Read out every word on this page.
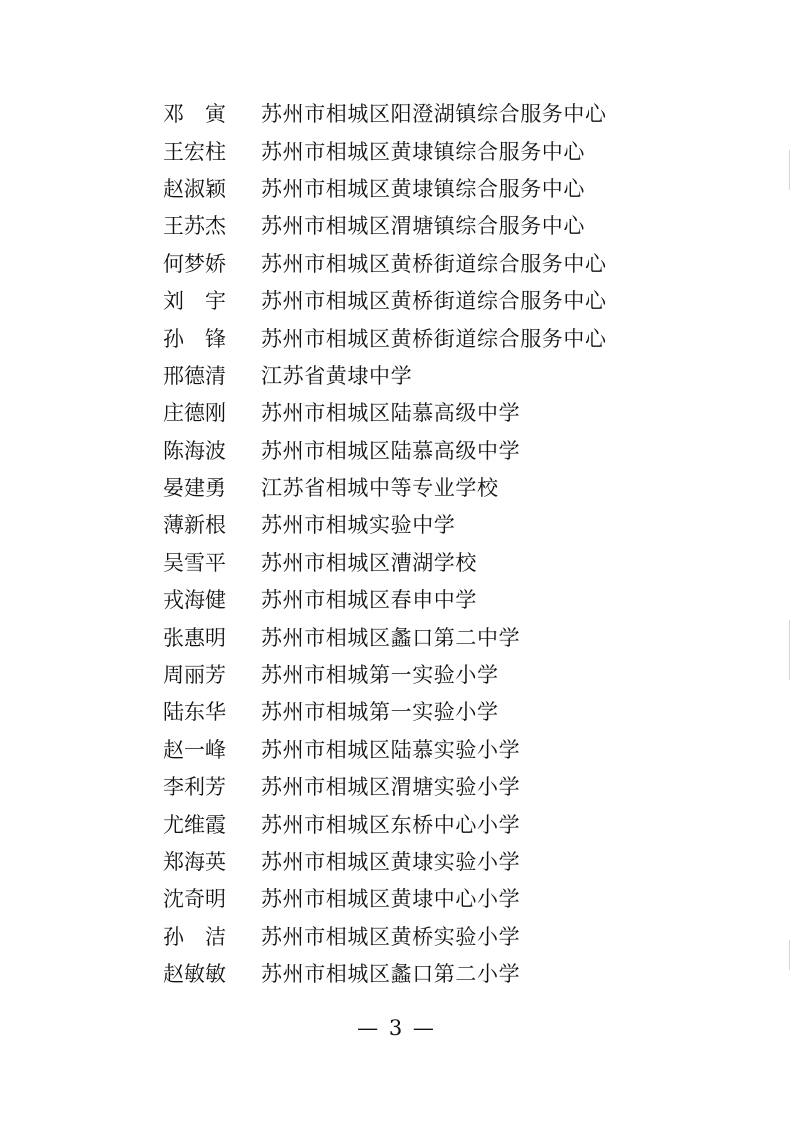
邓寅 苏州市相城区阳澄湖镇综合服务中心
王宏柱	苏州市相城区黄埭镇综合服务中心
赵淑颖	苏州市相城区黄埭镇综合服务中心
王苏杰	苏州市相城区渭塘镇综合服务中心
何梦娇	苏州市相城区黄桥街道综合服务中心
刘宇 苏州市相城区黄桥街道综合服务中心
孙锋 苏州市相城区黄桥街道综合服务中心
邢德清	江苏省黄埭中学
庄德刚	苏州市相城区陆慕高级中学
陈海波	苏州市相城区陆慕高级中学
晏建勇	江苏省相城中等专业学校
薄新根	苏州市相城实验中学
吴雪平	苏州市相城区漕湖学校
戎海健	苏州市相城区春申中学
张惠明	苏州市相城区蠡口第二中学
周丽芳	苏州市相城第一实验小学
陆东华	苏州市相城第一实验小学
赵一峰	苏州市相城区陆慕实验小学
李利芳	苏州市相城区渭塘实验小学
尤维霞	苏州市相城区东桥中心小学
郑海英	苏州市相城区黄埭实验小学
沈奇明	苏州市相城区黄埭中心小学
孙洁 苏州市相城区黄桥实验小学
赵敏敏	苏州市相城区蠡口第二小学
— 3 —
